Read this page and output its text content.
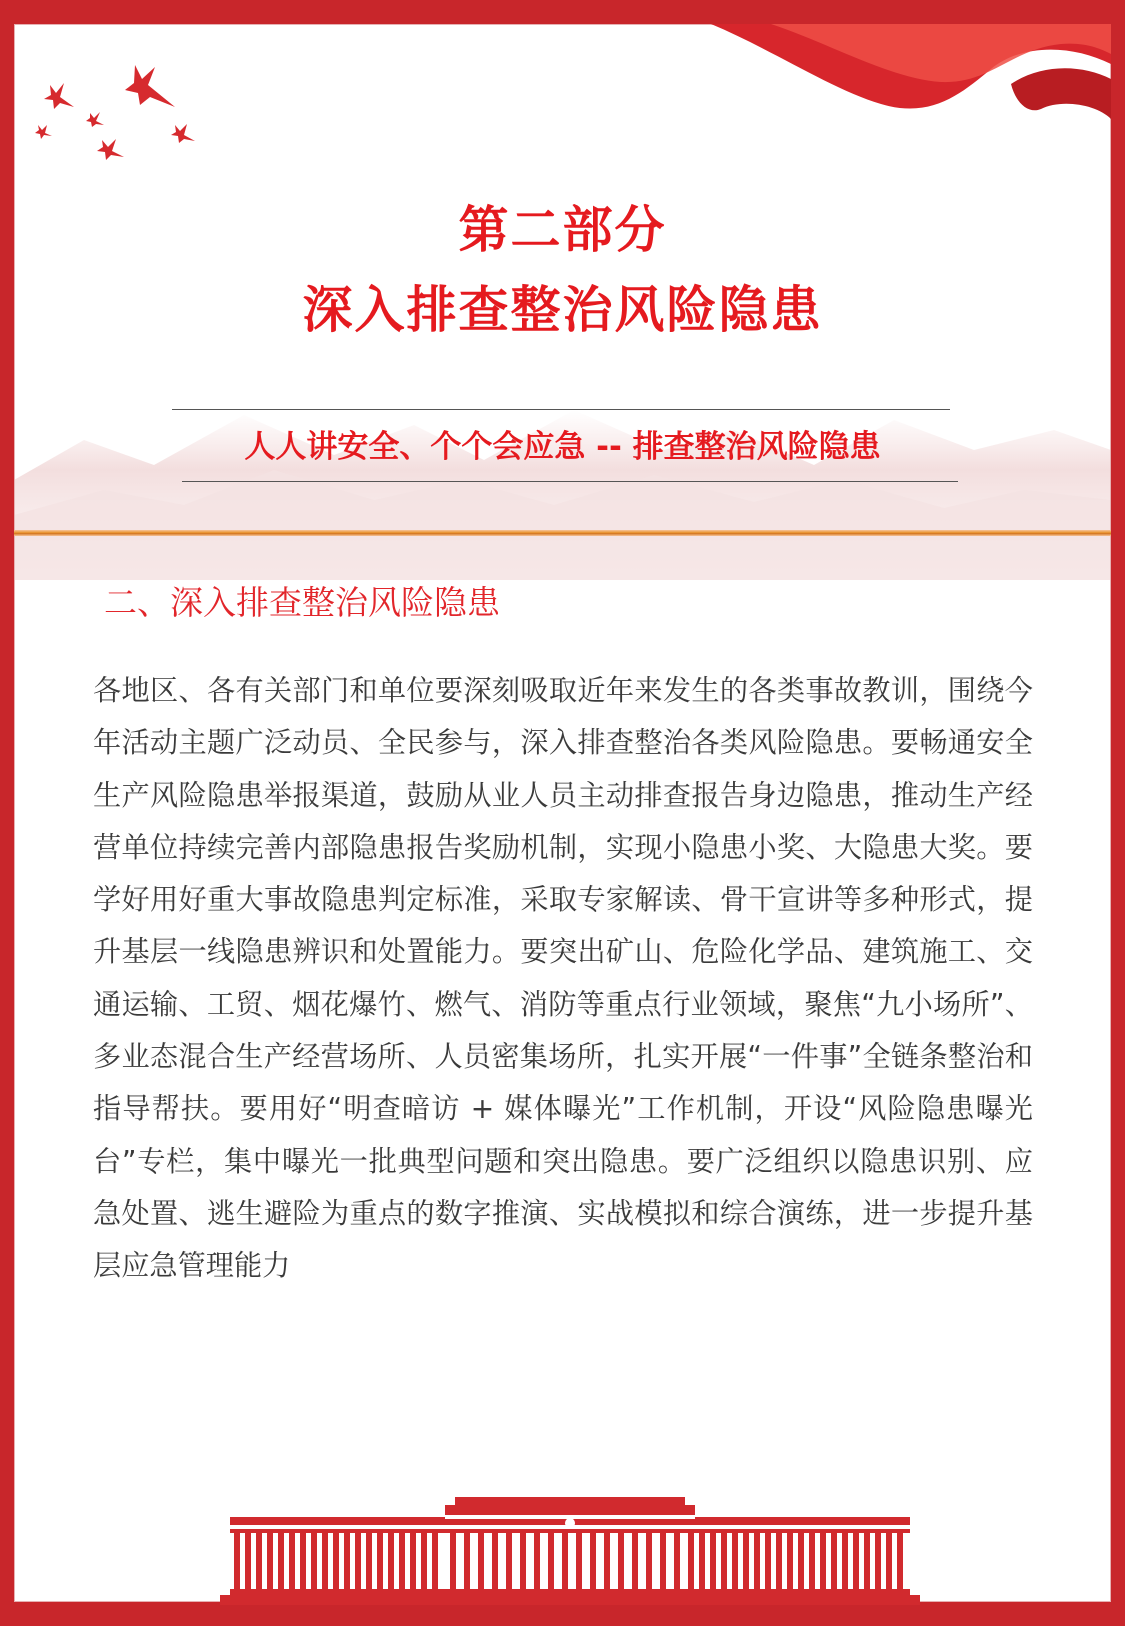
第二部分
深入排查整治风险隐患
人人讲安全、个个会应急 -- 排查整治风险隐患
二、深入排查整治风险隐患

各地区、各有关部门和单位要深刻吸取近年来发生的各类事故教训，围绕今年活动主题广泛动员、全民参与，深入排查整治各类风险隐患。要畅通安全生产风险隐患举报渠道，鼓励从业人员主动排查报告身边隐患，推动生产经营单位持续完善内部隐患报告奖励机制，实现小隐患小奖、大隐患大奖。要学好用好重大事故隐患判定标准，采取专家解读、骨干宣讲等多种形式，提升基层一线隐患辨识和处置能力。要突出矿山、危险化学品、建筑施工、交通运输、工贸、烟花爆竹、燃气、消防等重点行业领域，聚焦“九小场所”、多业态混合生产经营场所、人员密集场所，扎实开展“一件事”全链条整治和指导帮扶。要用好“明查暗访 + 媒体曝光”工作机制，开设“风险隐患曝光台”专栏，集中曝光一批典型问题和突出隐患。要广泛组织以隐患识别、应急处置、逃生避险为重点的数字推演、实战模拟和综合演练，进一步提升基层应急管理能力
